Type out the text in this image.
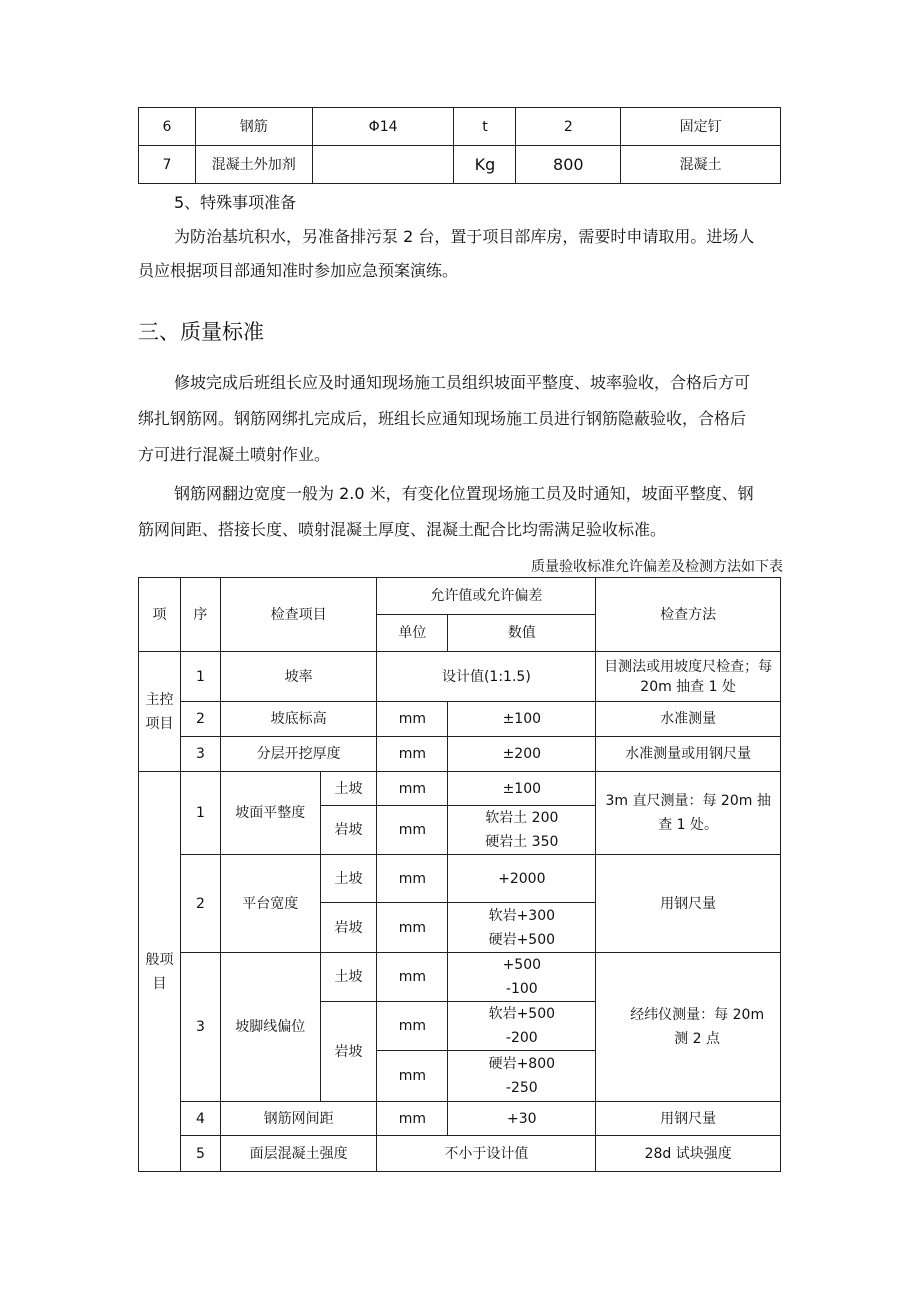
6	钢筋	Φ14	t	2	固定钉
7	混凝土外加剂		Kg	800	混凝土

5、特殊事项准备

为防治基坑积水，另准备排污泵 2 台，置于项目部库房，需要时申请取用。进场人

员应根据项目部通知准时参加应急预案演练。

三、质量标准

修坡完成后班组长应及时通知现场施工员组织坡面平整度、坡率验收，合格后方可

绑扎钢筋网。钢筋网绑扎完成后，班组长应通知现场施工员进行钢筋隐蔽验收，合格后

方可进行混凝土喷射作业。

钢筋网翻边宽度一般为 2.0 米，有变化位置现场施工员及时通知，坡面平整度、钢

筋网间距、搭接长度、喷射混凝土厚度、混凝土配合比均需满足验收标准。

质量验收标准允许偏差及检测方法如下表
项	序	检查项目		允许值或允许偏差		检查方法
				单位	数值	
主控项目	1	坡率		设计值(1:1.5)		目测法或用坡度尺检查；每 20m 抽查 1 处
	2	坡底标高		mm	±100	水准测量
	3	分层开挖厚度		mm	±200	水准测量或用钢尺量
般项目	1	坡面平整度	土坡	mm	±100	3m 直尺测量：每 20m 抽查 1 处。
			岩坡	mm	软岩土 200 硬岩土 350	
	2	平台宽度	土坡	mm	+2000	用钢尺量
			岩坡	mm	软岩+300 硬岩+500	
	3	坡脚线偏位	土坡	mm	+500 -100	经纬仪测量：每 20m 测 2 点
			岩坡	mm	软岩+500 -200	
				mm	硬岩+800 -250	
	4	钢筋网间距		mm	+30	用钢尺量
	5	面层混凝土强度		不小于设计值		28d 试块强度
